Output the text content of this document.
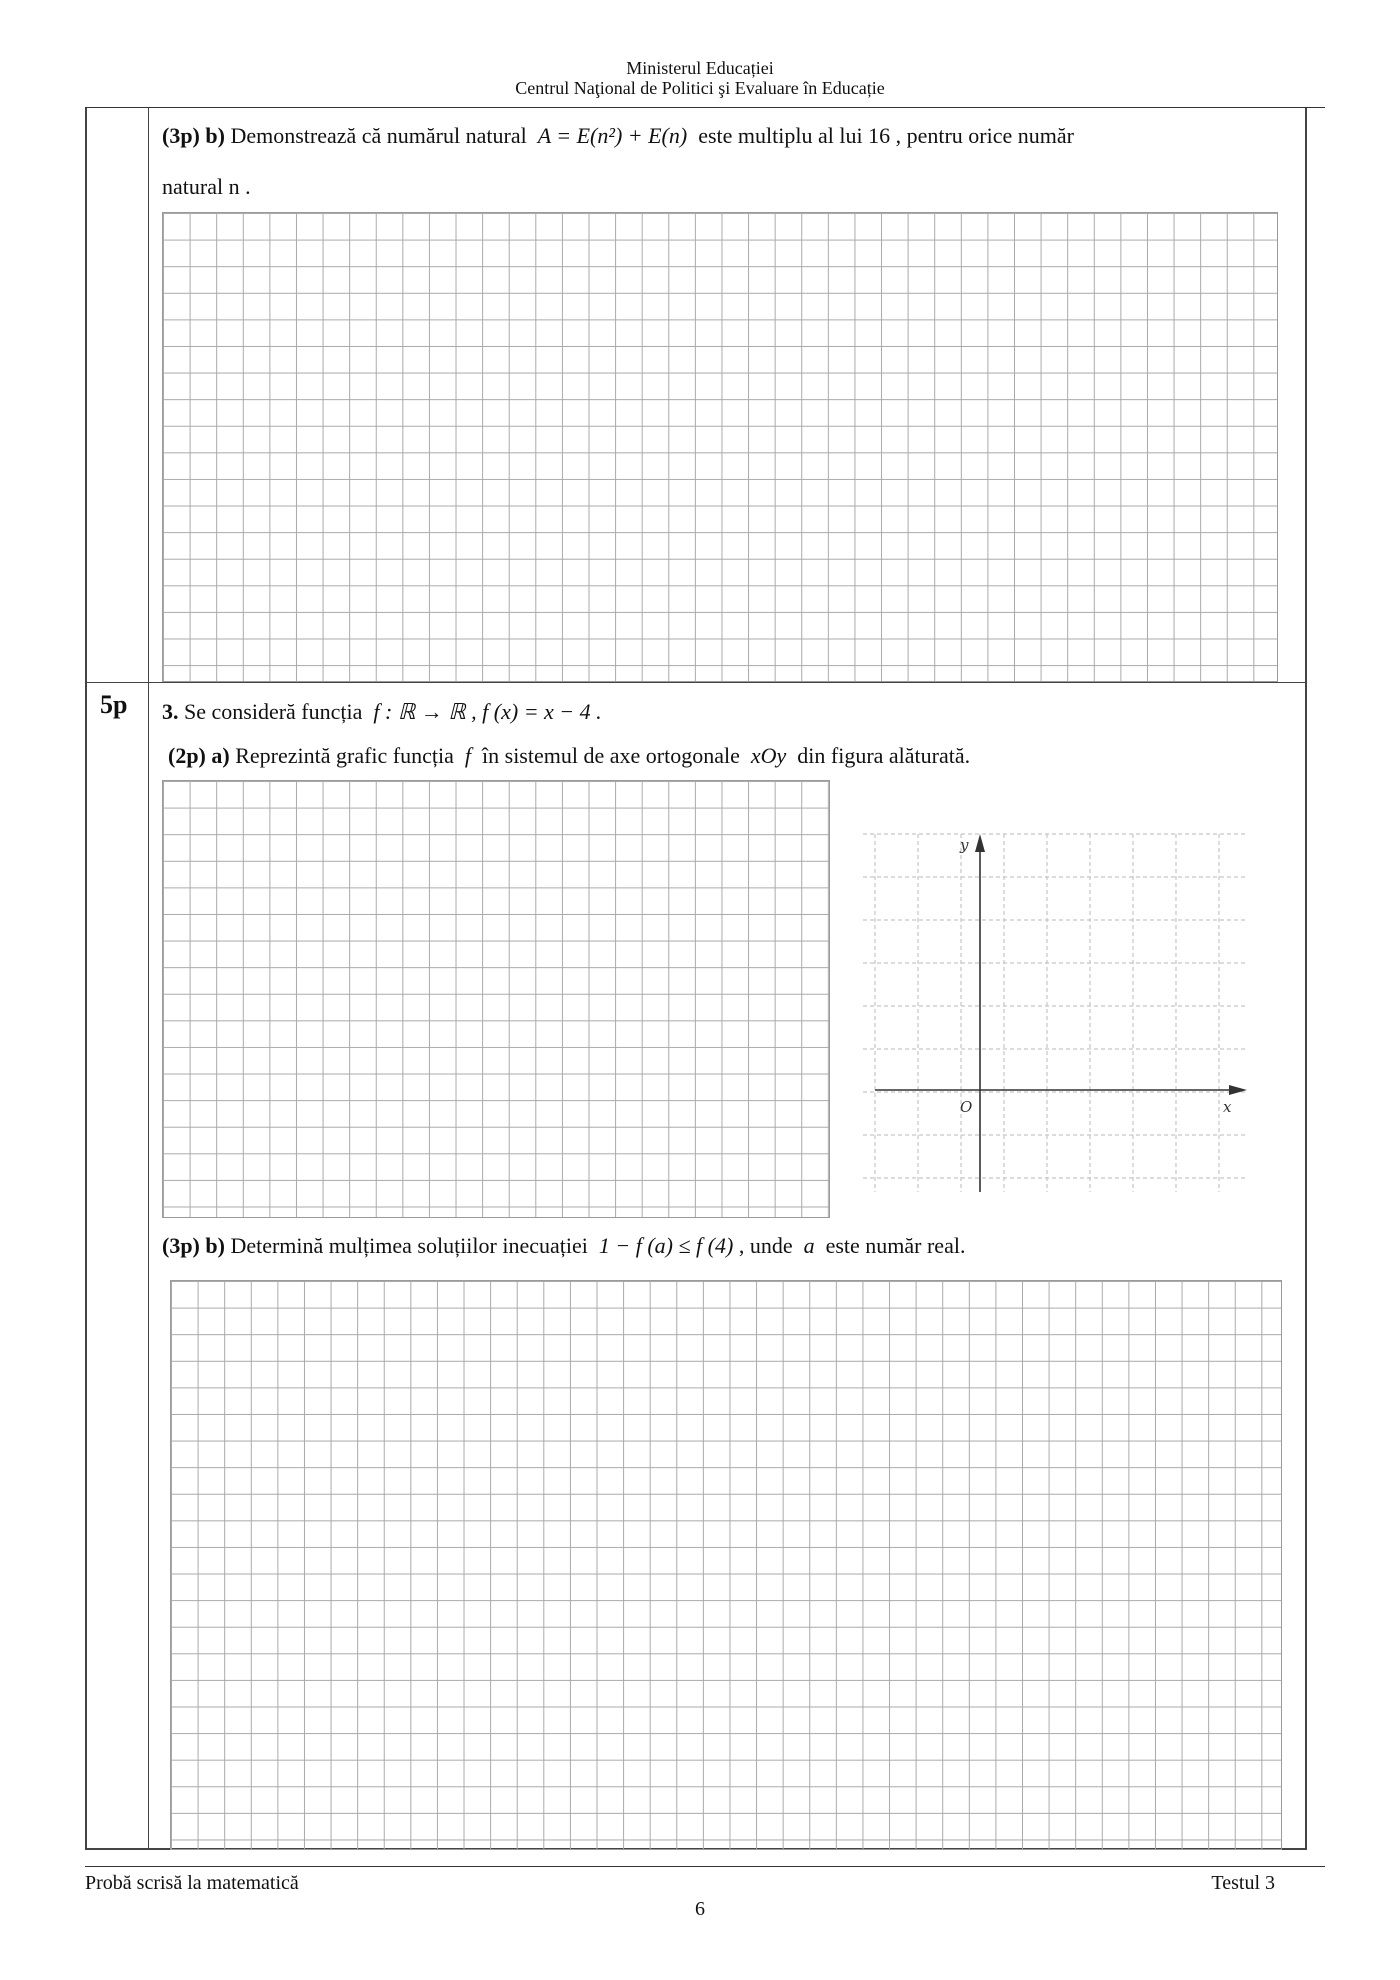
Ministerul Educației
Centrul Naţional de Politici şi Evaluare în Educație
(3p) b) Demonstrează că numărul natural A = E(n²) + E(n) este multiplu al lui 16 , pentru orice număr
natural n .
5p 3. Se consideră funcția f : ℝ → ℝ , f (x) = x − 4 .
(2p) a) Reprezintă grafic funcția f în sistemul de axe ortogonale xOy din figura alăturată.
y
x
O
(3p) b) Determină mulțimea soluțiilor inecuației 1 − f (a) ≤ f (4) , unde a este număr real.
Probă scrisă la matematică	Testul 3
6
